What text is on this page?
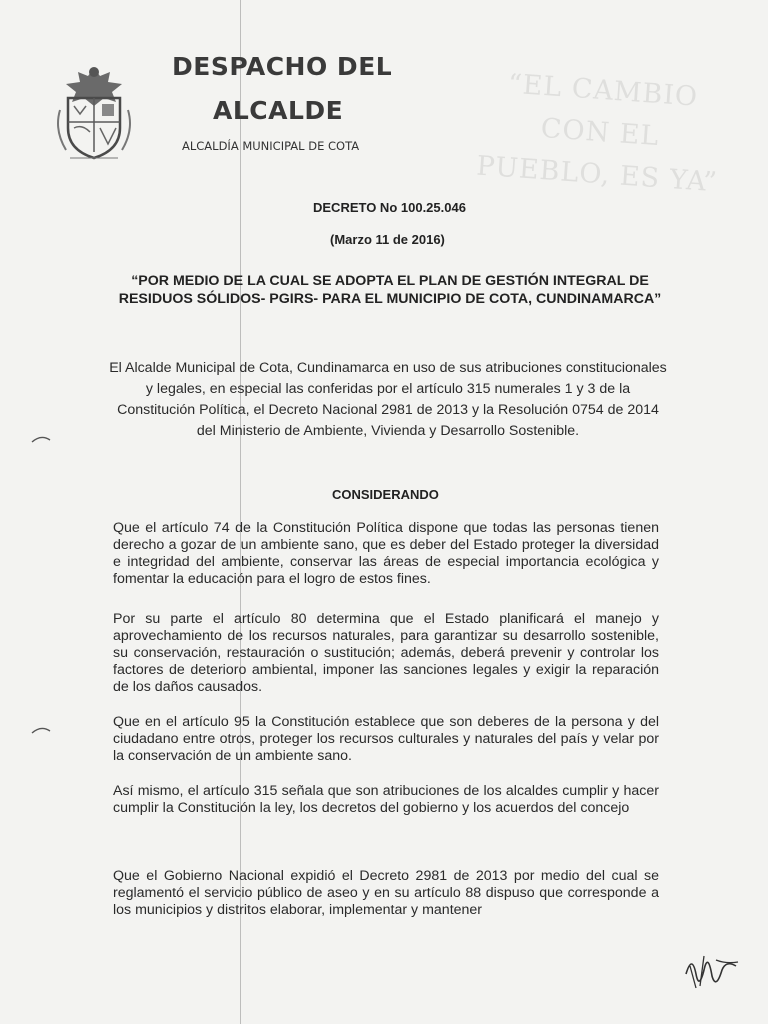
“EL CAMBIO CON EL PUEBLO, ES YA”
DESPACHO DEL
ALCALDE
ALCALDÍA MUNICIPAL DE COTA
DECRETO No 100.25.046
(Marzo 11 de 2016)
“POR MEDIO DE LA CUAL SE ADOPTA EL PLAN DE GESTIÓN INTEGRAL DE RESIDUOS SÓLIDOS- PGIRS- PARA EL MUNICIPIO DE COTA, CUNDINAMARCA”
El Alcalde Municipal de Cota, Cundinamarca en uso de sus atribuciones constitucionales y legales, en especial las conferidas por el artículo 315 numerales 1 y 3 de la Constitución Política, el Decreto Nacional 2981 de 2013 y la Resolución 0754 de 2014 del Ministerio de Ambiente, Vivienda y Desarrollo Sostenible.
CONSIDERANDO
Que el artículo 74 de la Constitución Política dispone que todas las personas tienen derecho a gozar de un ambiente sano, que es deber del Estado proteger la diversidad e integridad del ambiente, conservar las áreas de especial importancia ecológica y fomentar la educación para el logro de estos fines.
Por su parte el artículo 80 determina que el Estado planificará el manejo y aprovechamiento de los recursos naturales, para garantizar su desarrollo sostenible, su conservación, restauración o sustitución; además, deberá prevenir y controlar los factores de deterioro ambiental, imponer las sanciones legales y exigir la reparación de los daños causados.
Que en el artículo 95 la Constitución establece que son deberes de la persona y del ciudadano entre otros, proteger los recursos culturales y naturales del país y velar por la conservación de un ambiente sano.
Así mismo, el artículo 315 señala que son atribuciones de los alcaldes cumplir y hacer cumplir la Constitución la ley, los decretos del gobierno y los acuerdos del concejo
Que el Gobierno Nacional expidió el Decreto 2981 de 2013 por medio del cual se reglamentó el servicio público de aseo y en su artículo 88 dispuso que corresponde a los municipios y distritos elaborar, implementar y mantener
